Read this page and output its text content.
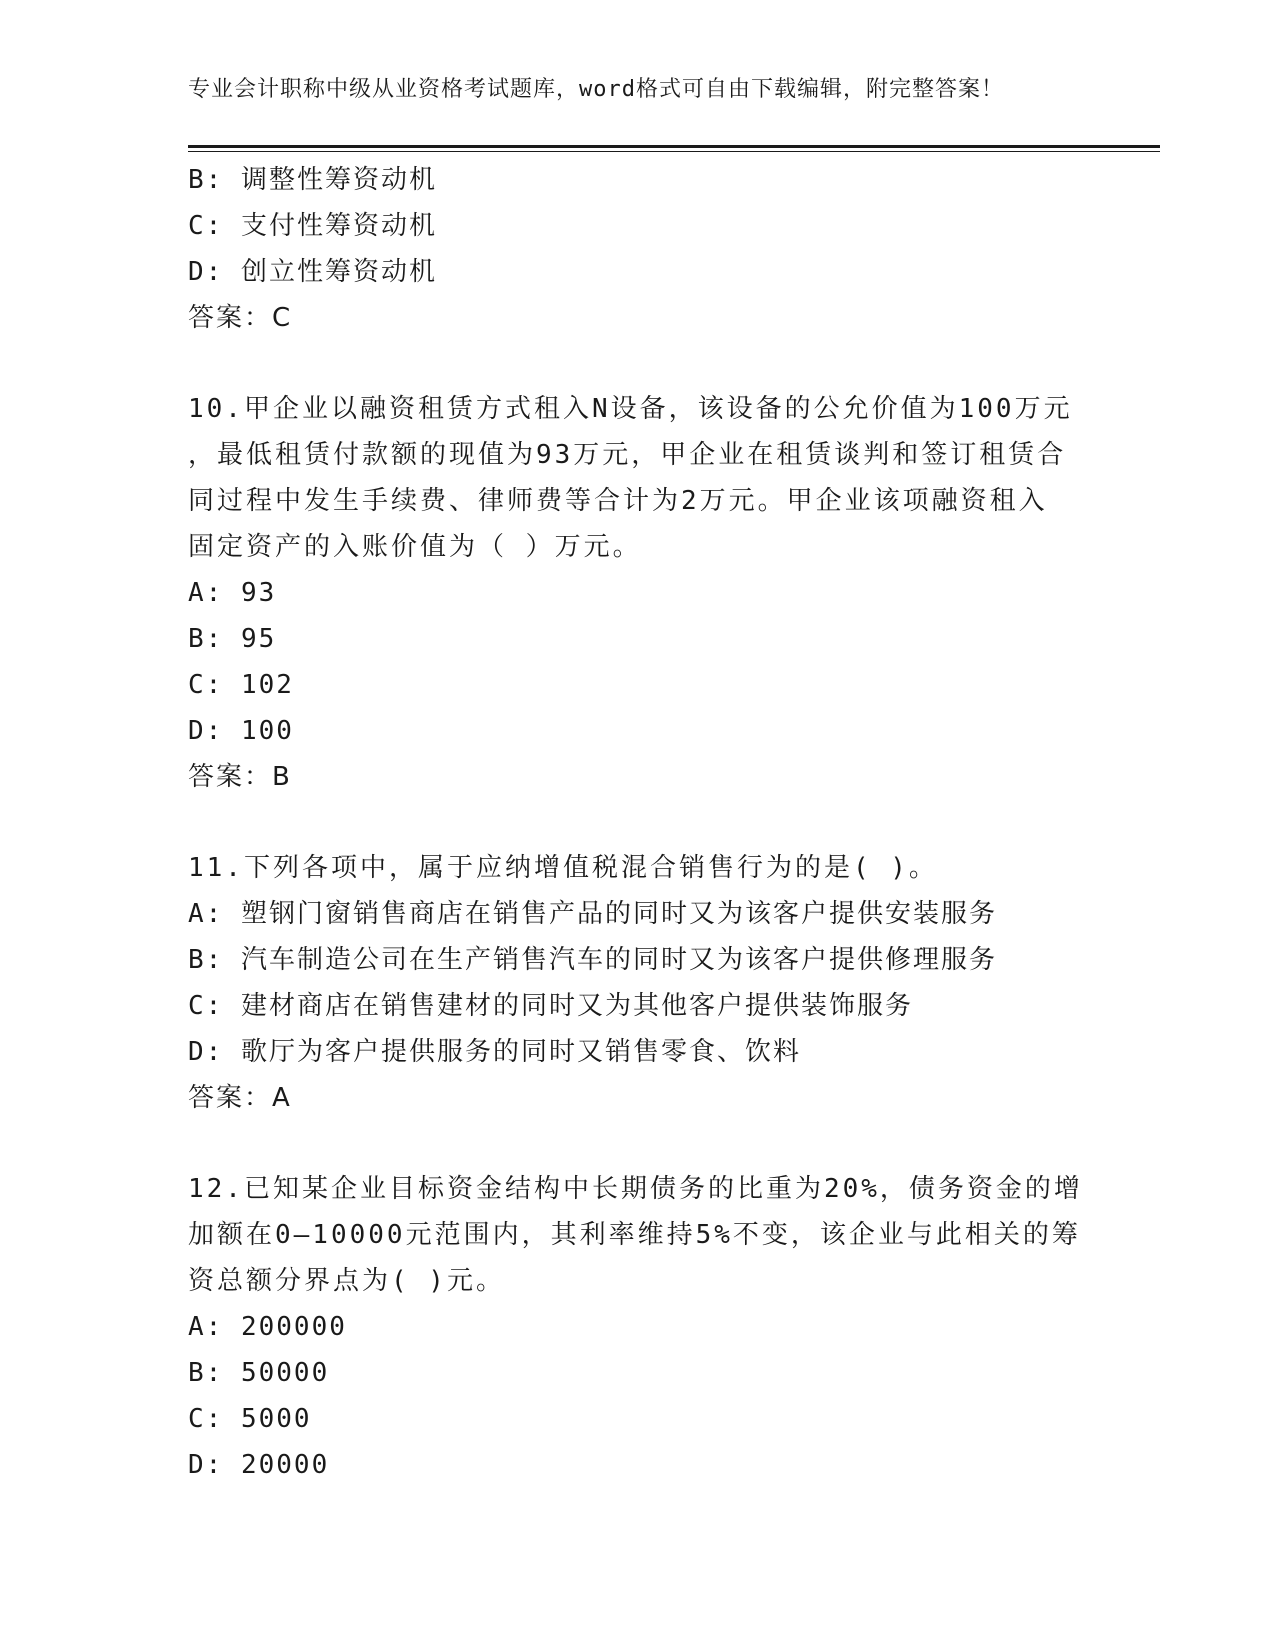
专业会计职称中级从业资格考试题库，word格式可自由下载编辑，附完整答案！
B: 调整性筹资动机
C: 支付性筹资动机
D: 创立性筹资动机
答案：C
10.甲企业以融资租赁方式租入N设备，该设备的公允价值为100万元
，最低租赁付款额的现值为93万元，甲企业在租赁谈判和签订租赁合
同过程中发生手续费、律师费等合计为2万元。甲企业该项融资租入
固定资产的入账价值为（ ）万元。
A: 93
B: 95
C: 102
D: 100
答案：B
11.下列各项中，属于应纳增值税混合销售行为的是( )。
A: 塑钢门窗销售商店在销售产品的同时又为该客户提供安装服务
B: 汽车制造公司在生产销售汽车的同时又为该客户提供修理服务
C: 建材商店在销售建材的同时又为其他客户提供装饰服务
D: 歌厅为客户提供服务的同时又销售零食、饮料
答案：A
12.已知某企业目标资金结构中长期债务的比重为20%，债务资金的增
加额在0—10000元范围内，其利率维持5%不变，该企业与此相关的筹
资总额分界点为( )元。
A: 200000
B: 50000
C: 5000
D: 20000
